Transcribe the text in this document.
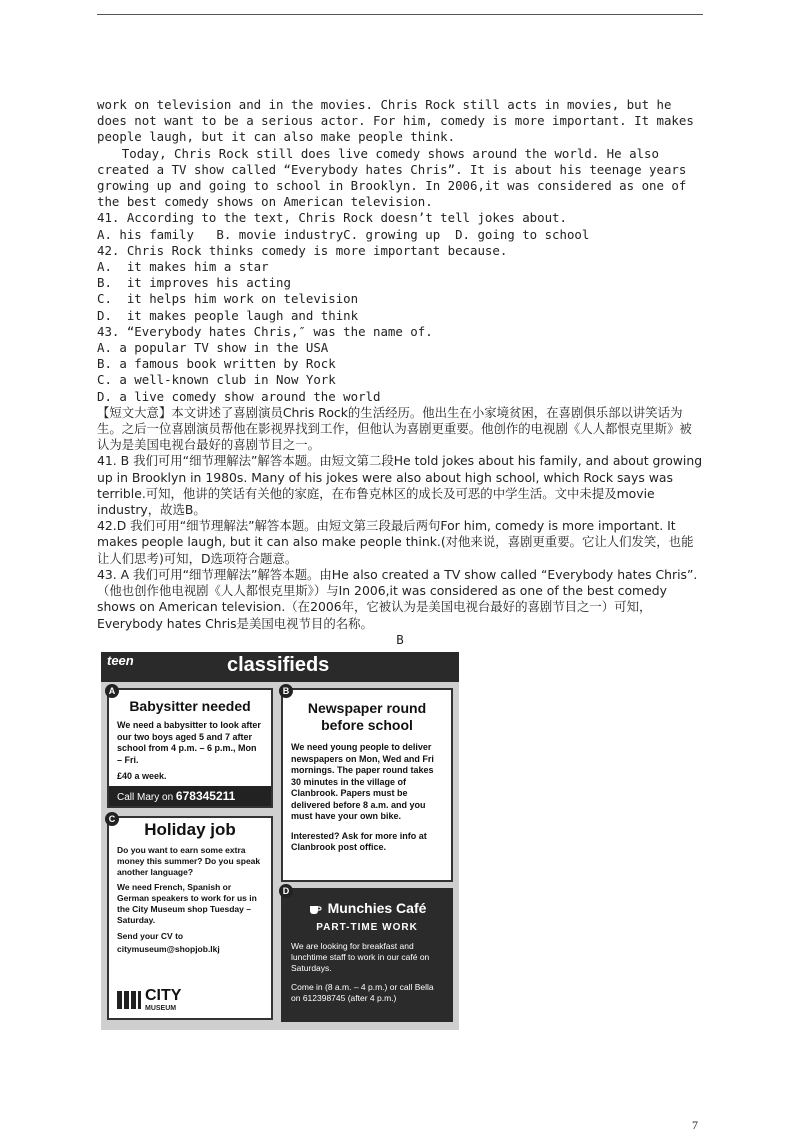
work on television and in the movies. Chris Rock still acts in movies, but he does not want to be a serious actor. For him, comedy is more important. It makes people laugh, but it can also make people think.

Today, Chris Rock still does live comedy shows around the world. He also created a TV show called “Everybody hates Chris”. It is about his teenage years growing up and going to school in Brooklyn. In 2006,it was considered as one of the best comedy shows on American television.

41. According to the text, Chris Rock doesn’t tell jokes about.

A. his family   B. movie industryC. growing up  D. going to school

42. Chris Rock thinks comedy is more important because.

A.  it makes him a star

B.  it improves his acting

C.  it helps him work on television

D.  it makes people laugh and think

43. “Everybody hates Chris,″ was the name of.

A. a popular TV show in the USA

B. a famous book written by Rock

C. a well-known club in Now York

D. a live comedy show around the world

【短文大意】本文讲述了喜剧演员Chris Rock的生活经历。他出生在小家境贫困，在喜剧俱乐部以讲笑话为生。之后一位喜剧演员帮他在影视界找到工作，但他认为喜剧更重要。他创作的电视剧《人人都恨克里斯》被认为是美国电视台最好的喜剧节目之一。

41. B 我们可用“细节理解法”解答本题。由短文第二段He told jokes about his family, and about growing up in Brooklyn in 1980s. Many of his jokes were also about high school, which Rock says was terrible.可知，他讲的笑话有关他的家庭，在布鲁克林区的成长及可恶的中学生活。文中未提及movie industry，故选B。

42.D 我们可用“细节理解法”解答本题。由短文第三段最后两句For him, comedy is more important. It makes people laugh, but it can also make people think.(对他来说，喜剧更重要。它让人们发笑，也能让人们思考)可知，D选项符合题意。

43. A 我们可用“细节理解法”解答本题。由He also created a TV show called “Everybody hates Chris”.（他也创作他电视剧《人人都恨克里斯》）与In 2006,it was considered as one of the best comedy shows on American television.（在2006年，它被认为是美国电视台最好的喜剧节目之一）可知，Everybody hates Chris是美国电视节目的名称。

B

teen	classifieds
Babysitter needed
We need a babysitter to look after our two boys aged 5 and 7 after school from 4 p.m. – 6 p.m., Mon – Fri.
£40 a week.
Call Mary on 678345211
A
Newspaper round before school
We need young people to deliver newspapers on Mon, Wed and Fri mornings. The paper round takes 30 minutes in the village of Clanbrook. Papers must be delivered before 8 a.m. and you must have your own bike.
Interested? Ask for more info at Clanbrook post office.
B
Holiday job
Do you want to earn some extra money this summer? Do you speak another language?
We need French, Spanish or German speakers to work for us in the City Museum shop Tuesday – Saturday.
Send your CV to
citymuseum@shopjob.lkj
CITY
MUSEUM
C
Munchies Café
PART-TIME WORK
We are looking for breakfast and lunchtime staff to work in our café on Saturdays.
Come in (8 a.m. – 4 p.m.) or call Bella on 612398745 (after 4 p.m.)
D
7
